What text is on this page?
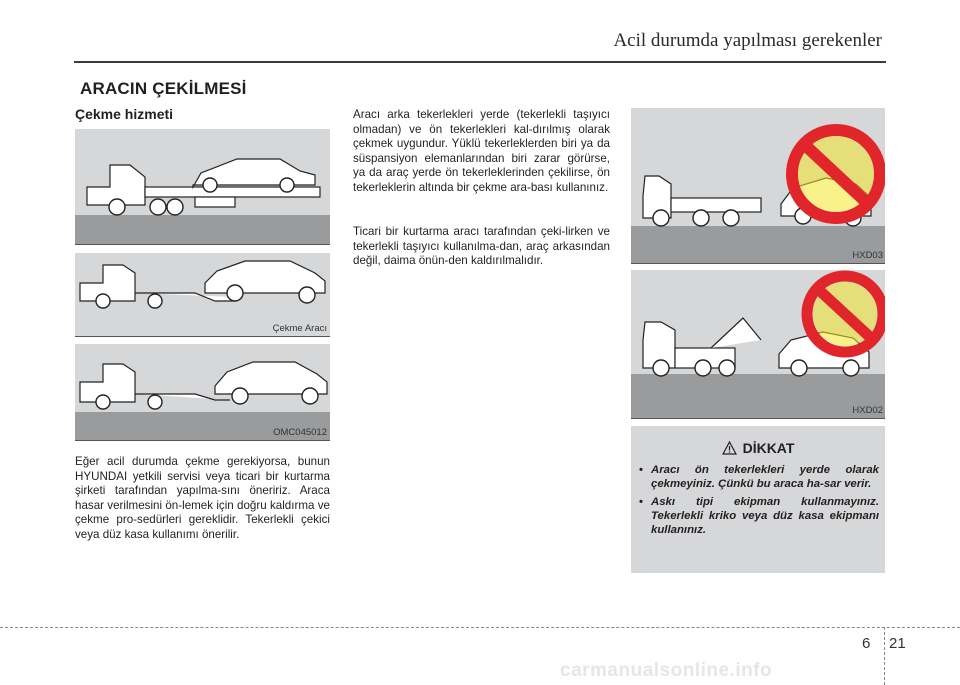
Acil durumda yapılması gerekenler
ARACIN ÇEKİLMESİ
Çekme hizmeti
Çekme Aracı
OMC045012

Eğer acil durumda çekme gerekiyorsa, bunun HYUNDAI yetkili servisi veya ticari bir kurtarma şirketi tarafından yapılma-sını öneririz. Araca hasar verilmesini ön-lemek için doğru kaldırma ve çekme pro-sedürleri gereklidir. Tekerlekli çekici veya düz kasa kullanımı önerilir.

Aracı arka tekerlekleri yerde (tekerlekli taşıyıcı olmadan) ve ön tekerlekleri kal-dırılmış olarak çekmek uygundur. Yüklü tekerleklerden biri ya da süspansiyon elemanlarından biri zarar görürse, ya da araç yerde ön tekerleklerinden çekilirse, ön tekerleklerin altında bir çekme ara-bası kullanınız.

Ticari bir kurtarma aracı tarafından çeki-lirken ve tekerlekli taşıyıcı kullanılma-dan, araç arkasından değil, daima önün-den kaldırılmalıdır.	HXD03
HXD02
DİKKAT
• Aracı ön tekerlekleri yerde olarak çekmeyiniz. Çünkü bu araca ha-sar verir.
• Askı tipi ekipman kullanmayınız. Tekerlekli kriko veya düz kasa ekipmanı kullanınız.
6 21
carmanualsonline.info
